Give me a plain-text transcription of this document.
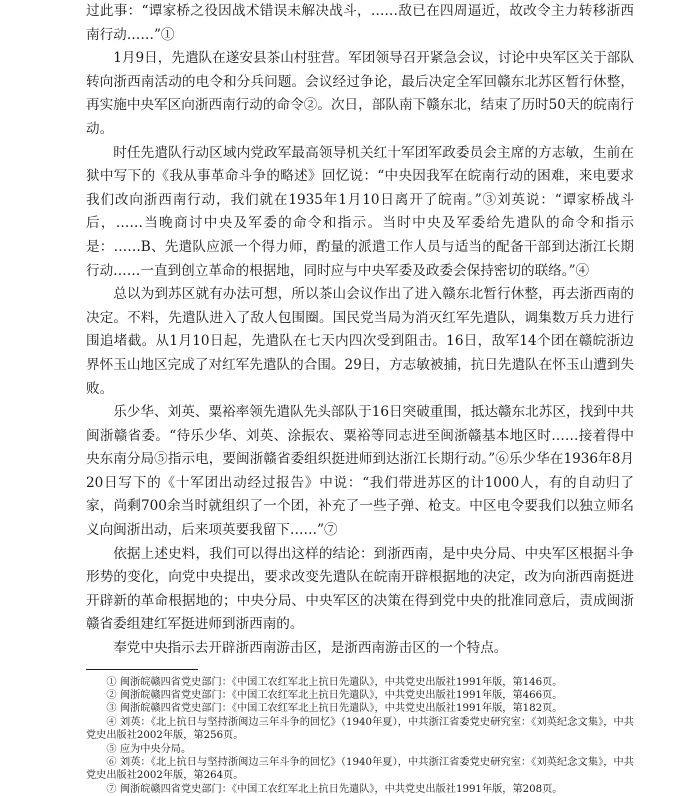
过此事：“谭家桥之役因战术错误未解决战斗，……敌已在四周逼近，故改令主力转移浙西南行动……”①

1月9日，先遣队在遂安县茶山村驻营。军团领导召开紧急会议，讨论中央军区关于部队转向浙西南活动的电令和分兵问题。会议经过争论，最后决定全军回赣东北苏区暂行休整，再实施中央军区向浙西南行动的命令②。次日，部队南下赣东北，结束了历时50天的皖南行动。

时任先遣队行动区域内党政军最高领导机关红十军团军政委员会主席的方志敏，生前在狱中写下的《我从事革命斗争的略述》回忆说：“中央因我军在皖南行动的困难，来电要求我们改向浙西南行动，我们就在1935年1月10日离开了皖南。”③刘英说：“谭家桥战斗后，……当晚商讨中央及军委的命令和指示。当时中央及军委给先遣队的命令和指示是：……B、先遣队应派一个得力师，酌量的派遣工作人员与适当的配备干部到达浙江长期行动……一直到创立革命的根据地，同时应与中央军委及政委会保持密切的联络。”④

总以为到苏区就有办法可想，所以茶山会议作出了进入赣东北暂行休整，再去浙西南的决定。不料，先遣队进入了敌人包围圈。国民党当局为消灭红军先遣队，调集数万兵力进行围追堵截。从1月10日起，先遣队在七天内四次受到阻击。16日，敌军14个团在赣皖浙边界怀玉山地区完成了对红军先遣队的合围。29日，方志敏被捕，抗日先遣队在怀玉山遭到失败。

乐少华、刘英、粟裕率领先遣队先头部队于16日突破重围，抵达赣东北苏区，找到中共闽浙赣省委。“待乐少华、刘英、涂振农、粟裕等同志进至闽浙赣基本地区时……接着得中央东南分局⑤指示电，要闽浙赣省委组织挺进师到达浙江长期行动。”⑥乐少华在1936年8月20日写下的《十军团出动经过报告》中说：“我们带进苏区的计1000人，有的自动归了家，尚剩700余当时就组织了一个团，补充了一些子弹、枪支。中区电令要我们以独立师名义向闽浙出动，后来项英要我留下……”⑦

依据上述史料，我们可以得出这样的结论：到浙西南，是中央分局、中央军区根据斗争形势的变化，向党中央提出，要求改变先遣队在皖南开辟根据地的决定，改为向浙西南挺进开辟新的革命根据地的；中央分局、中央军区的决策在得到党中央的批准同意后，责成闽浙赣省委组建红军挺进师到浙西南的。

奉党中央指示去开辟浙西南游击区，是浙西南游击区的一个特点。

① 闽浙皖赣四省党史部门：《中国工农红军北上抗日先遣队》，中共党史出版社1991年版，第146页。

② 闽浙皖赣四省党史部门：《中国工农红军北上抗日先遣队》，中共党史出版社1991年版，第466页。

③ 闽浙皖赣四省党史部门：《中国工农红军北上抗日先遣队》，中共党史出版社1991年版，第182页。

④ 刘英：《北上抗日与坚持浙闽边三年斗争的回忆》（1940年夏），中共浙江省委党史研究室：《刘英纪念文集》，中共党史出版社2002年版，第256页。

⑤ 应为中央分局。

⑥ 刘英：《北上抗日与坚持浙闽边三年斗争的回忆》（1940年夏），中共浙江省委党史研究室：《刘英纪念文集》，中共党史出版社2002年版，第264页。

⑦ 闽浙皖赣四省党史部门：《中国工农红军北上抗日先遣队》，中共党史出版社1991年版，第208页。
